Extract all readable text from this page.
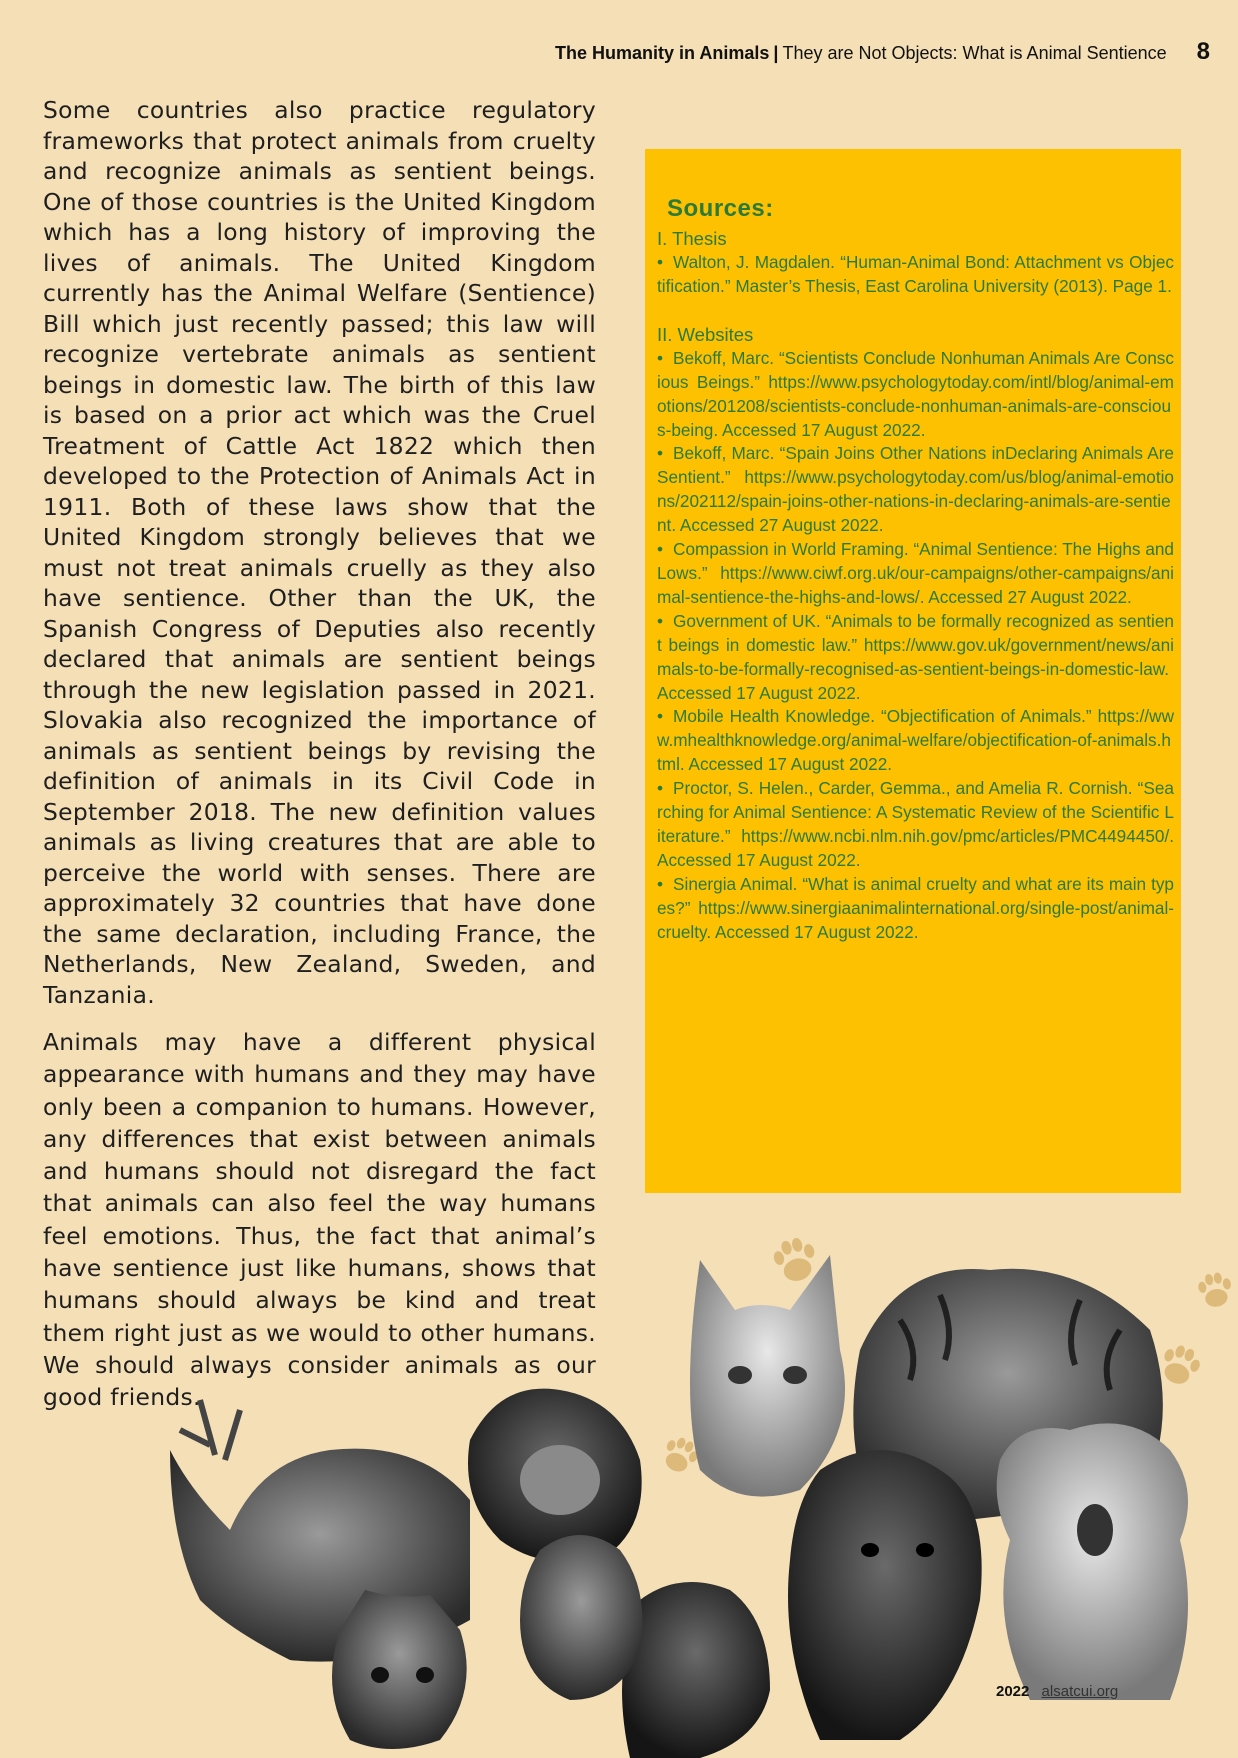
The Humanity in Animals | They are Not Objects: What is Animal Sentience 8

Some countries also practice regulatory frameworks that protect animals from cruelty and recognize animals as sentient beings. One of those countries is the United Kingdom which has a long history of improving the lives of animals. The United Kingdom currently has the Animal Welfare (Sentience) Bill which just recently passed; this law will recognize vertebrate animals as sentient beings in domestic law. The birth of this law is based on a prior act which was the Cruel Treatment of Cattle Act 1822 which then developed to the Protection of Animals Act in 1911. Both of these laws show that the United Kingdom strongly believes that we must not treat animals cruelly as they also have sentience. Other than the UK, the Spanish Congress of Deputies also recently declared that animals are sentient beings through the new legislation passed in 2021. Slovakia also recognized the importance of animals as sentient beings by revising the definition of animals in its Civil Code in September 2018. The new definition values animals as living creatures that are able to perceive the world with senses. There are approximately 32 countries that have done the same declaration, including France, the Netherlands, New Zealand, Sweden, and Tanzania.

Animals may have a different physical appearance with humans and they may have only been a companion to humans. However, any differences that exist between animals and humans should not disregard the fact that animals can also feel the way humans feel emotions. Thus, the fact that animal’s have sentience just like humans, shows that humans should always be kind and treat them right just as we would to other humans. We should always consider animals as our good friends.

Sources:
I. Thesis
• Walton, J. Magdalen. “Human-Animal Bond: Attachment vs Objectification.” Master’s Thesis, East Carolina University (2013). Page 1.
II. Websites
• Bekoff, Marc. “Scientists Conclude Nonhuman Animals Are Conscious Beings.” https://www.psychologytoday.com/intl/blog/animal-emotions/201208/scientists-conclude-nonhuman-animals-are-conscious-being. Accessed 17 August 2022.
• Bekoff, Marc. “Spain Joins Other Nations inDeclaring Animals Are Sentient.” https://www.psychologytoday.com/us/blog/animal-emotions/202112/spain-joins-other-nations-in-declaring-animals-are-sentient. Accessed 27 August 2022.
• Compassion in World Framing. “Animal Sentience: The Highs and Lows.” https://www.ciwf.org.uk/our-campaigns/other-campaigns/animal-sentience-the-highs-and-lows/. Accessed 27 August 2022.
• Government of UK. “Animals to be formally recognized as sentient beings in domestic law.” https://www.gov.uk/government/news/animals-to-be-formally-recognised-as-sentient-beings-in-domestic-law. Accessed 17 August 2022.
• Mobile Health Knowledge. “Objectification of Animals.” https://www.mhealthknowledge.org/animal-welfare/objectification-of-animals.html. Accessed 17 August 2022.
• Proctor, S. Helen., Carder, Gemma., and Amelia R. Cornish. “Searching for Animal Sentience: A Systematic Review of the Scientific Literature.” https://www.ncbi.nlm.nih.gov/pmc/articles/PMC4494450/. Accessed 17 August 2022.
• Sinergia Animal. “What is animal cruelty and what are its main types?” https://www.sinergiaanimalinternational.org/single-post/animal-cruelty. Accessed 17 August 2022.
2022 alsatcui.org
